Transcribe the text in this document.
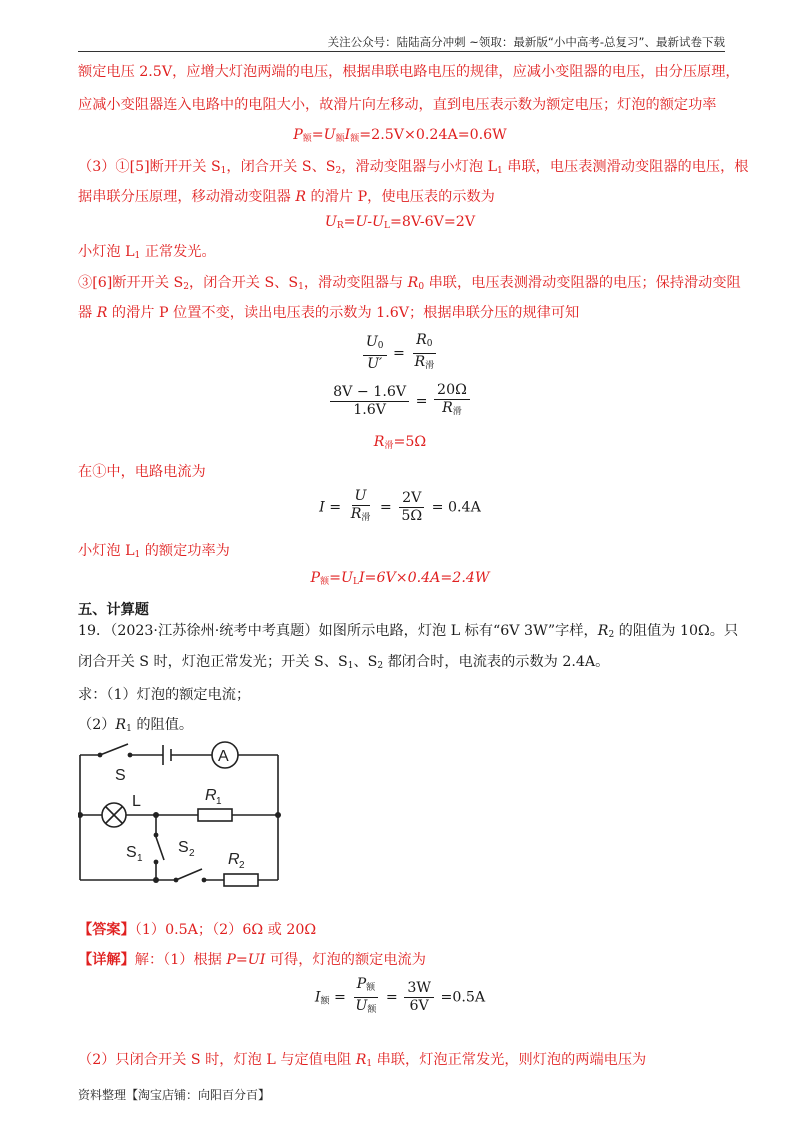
关注公众号：陆陆高分冲刺 ~领取：最新版“小中高考-总复习”、最新试卷下载
额定电压 2.5V，应增大灯泡两端的电压，根据串联电路电压的规律，应减小变阻器的电压，由分压原理，
应减小变阻器连入电路中的电阻大小，故滑片向左移动，直到电压表示数为额定电压；灯泡的额定功率
$P_额=U_额I_额=2.5V\times 0.24A=0.6W$
（3）①[5]断开开关 $S_1$，闭合开关 S、$S_2$，滑动变阻器与小灯泡 $L_1$ 串联，电压表测滑动变阻器的电压，根
据串联分压原理，移动滑动变阻器 R 的滑片 P，使电压表的示数为
$U_R=U-U_L=8V-6V=2V$
小灯泡 $L_1$ 正常发光。
③[6]断开开关 $S_2$，闭合开关 S、$S_1$，滑动变阻器与 $R_0$ 串联，电压表测滑动变阻器的电压；保持滑动变阻
器 R 的滑片 P 位置不变，读出电压表的示数为 1.6V；根据串联分压的规律可知
$\frac{U_0}{U'} = \frac{R_0}{R_滑}$
$\frac{8V - 1.6V}{1.6V} = \frac{20\Omega}{R_滑}$
$R_滑=5\Omega$
在①中，电路电流为
$I = \frac{U}{R_滑} = \frac{2V}{5\Omega} = 0.4A$
小灯泡 $L_1$ 的额定功率为
$P_额=U_LI=6V\times 0.4A=2.4W$
五、计算题
19．（2023·江苏徐州·统考中考真题）如图所示电路，灯泡 L 标有“6V 3W”字样，$R_2$ 的阻值为 10Ω。只
闭合开关 S 时，灯泡正常发光；开关 S、$S_1$、$S_2$ 都闭合时，电流表的示数为 2.4A。
求：（1）灯泡的额定电流；
$(2)R_1$ 的阻值。
A
S
L	R 1
S 1
S 2 R 2
【答案】（1）0.5A；（2）6Ω 或 20Ω
【详解】解：（1）根据 P=UI 可得，灯泡的额定电流为
$I_额 = \frac{P_额}{U_额} = \frac{3W}{6V} =0.5A$
（2）只闭合开关 S 时，灯泡 L 与定值电阻 $R_1$ 串联，灯泡正常发光，则灯泡的两端电压为
资料整理【淘宝店铺：向阳百分百】
